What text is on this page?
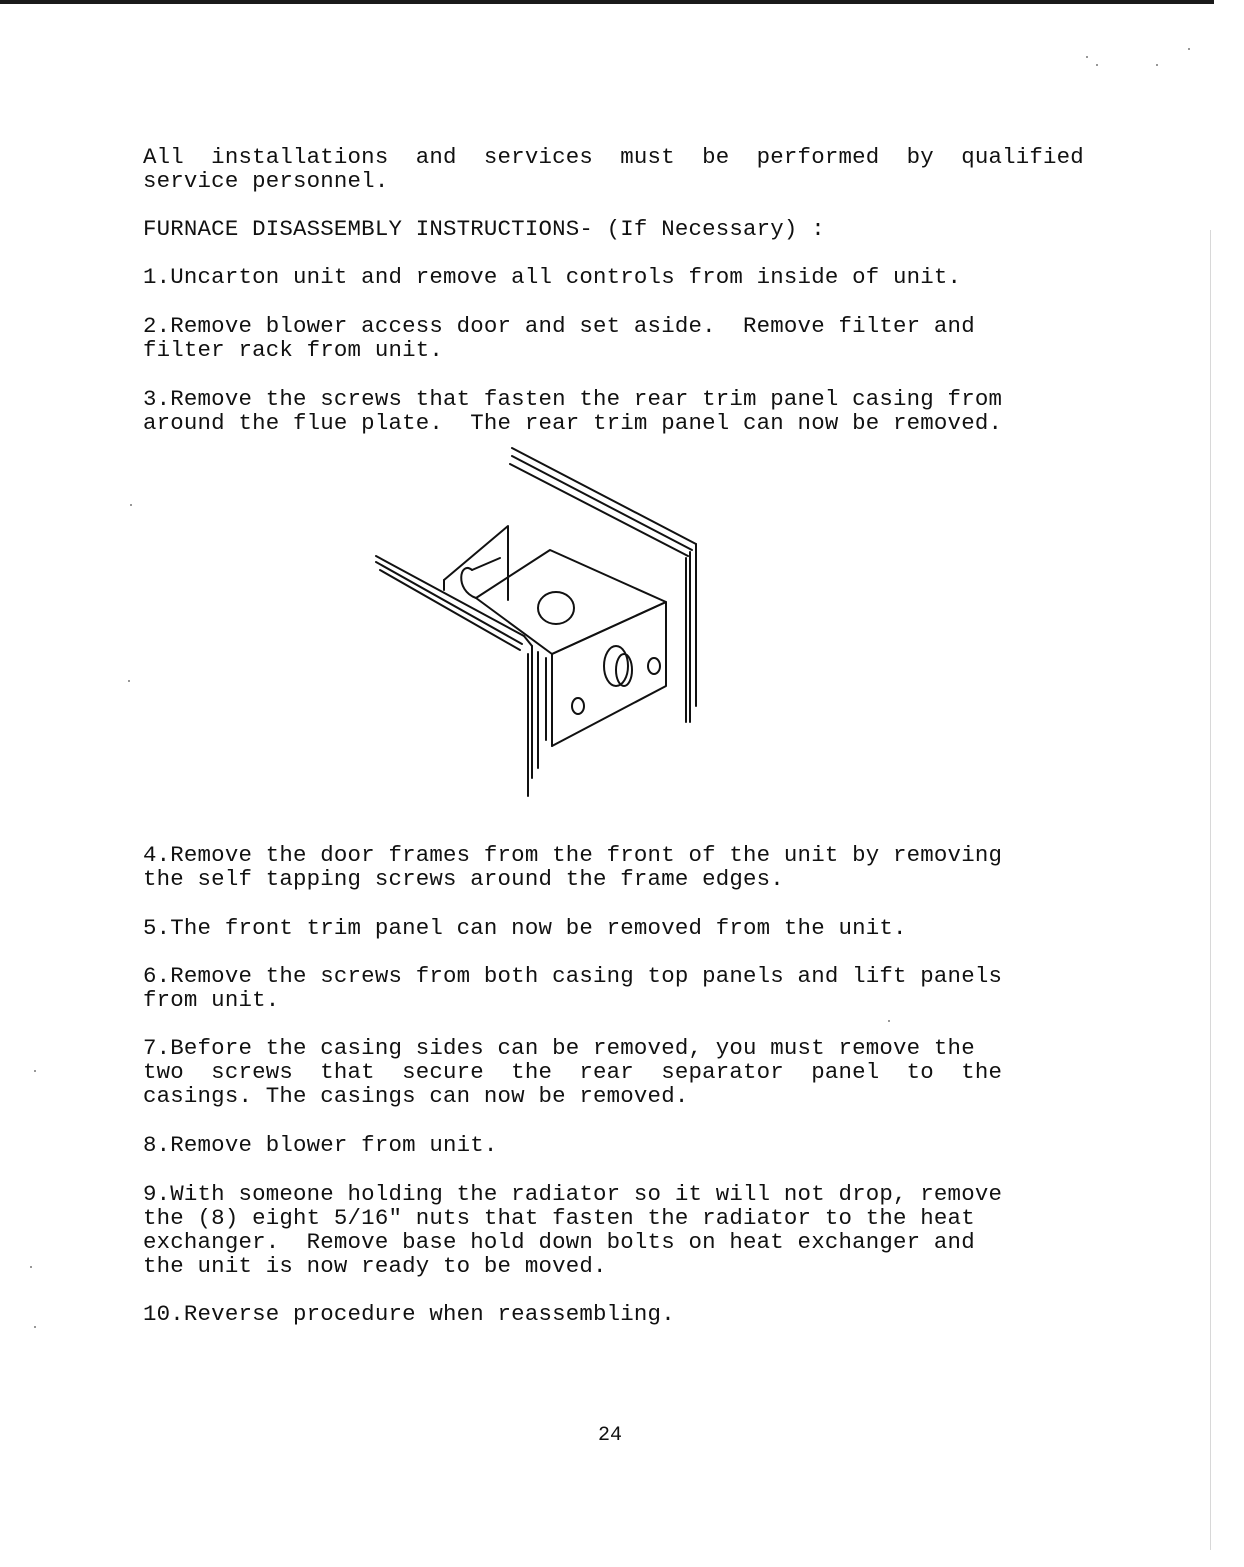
All  installations  and  services  must  be  performed  by  qualified
service personnel.
FURNACE DISASSEMBLY INSTRUCTIONS- (If Necessary) :
1.Uncarton unit and remove all controls from inside of unit.
2.Remove blower access door and set aside.  Remove filter and
filter rack from unit.
3.Remove the screws that fasten the rear trim panel casing from
around the flue plate.  The rear trim panel can now be removed.
4.Remove the door frames from the front of the unit by removing
the self tapping screws around the frame edges.
5.The front trim panel can now be removed from the unit.
6.Remove the screws from both casing top panels and lift panels
from unit.
7.Before the casing sides can be removed, you must remove the
two  screws  that  secure  the  rear  separator  panel  to  the
casings. The casings can now be removed.
8.Remove blower from unit.
9.With someone holding the radiator so it will not drop, remove
the (8) eight 5/16" nuts that fasten the radiator to the heat
exchanger.  Remove base hold down bolts on heat exchanger and
the unit is now ready to be moved.
10.Reverse procedure when reassembling.
24
